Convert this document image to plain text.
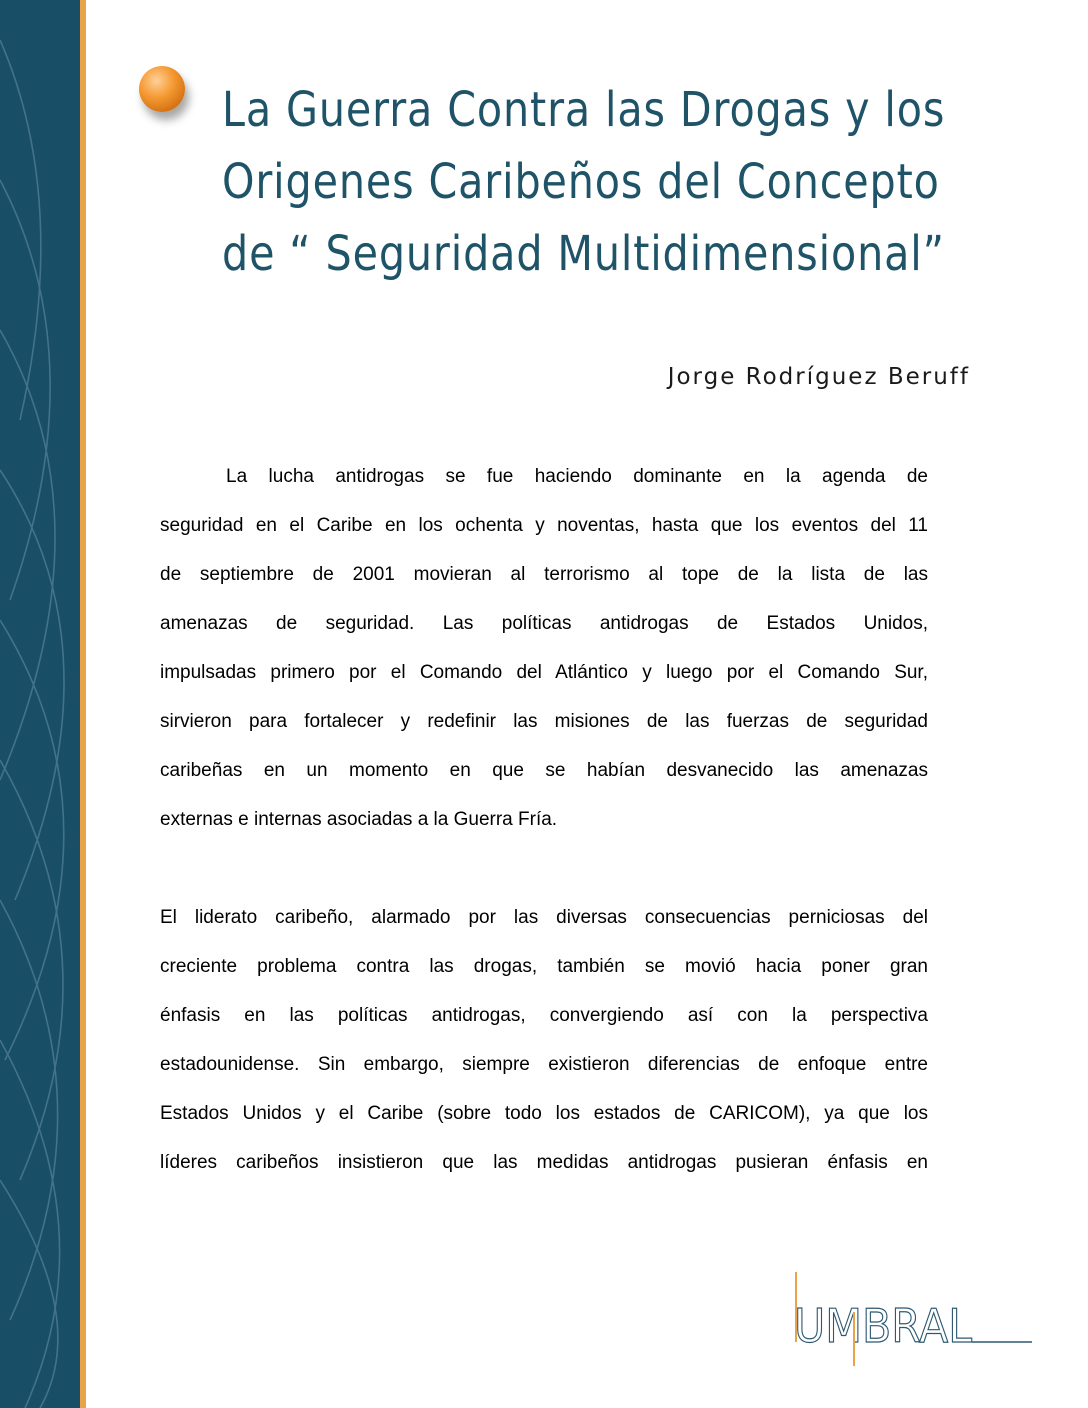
La Guerra Contra las Drogas y los
Origenes Caribeños del Concepto
de “ Seguridad Multidimensional”
Jorge Rodríguez Beruff

La lucha antidrogas se fue haciendo dominante en la agenda de
seguridad en el Caribe en los ochenta y noventas, hasta que los eventos del 11
de septiembre de 2001 movieran al terrorismo al tope de la lista de las
amenazas de seguridad. Las políticas antidrogas de Estados Unidos,
impulsadas primero por el Comando del Atlántico y luego por el Comando Sur,
sirvieron para fortalecer y redefinir las misiones de las fuerzas de seguridad
caribeñas en un momento en que se habían desvanecido las amenazas
externas e internas asociadas a la Guerra Fría.

El liderato caribeño, alarmado por las diversas consecuencias perniciosas del
creciente problema contra las drogas, también se movió hacia poner gran
énfasis en las políticas antidrogas, convergiendo así con la perspectiva
estadounidense. Sin embargo, siempre existieron diferencias de enfoque entre
Estados Unidos y el Caribe (sobre todo los estados de CARICOM), ya que los
líderes caribeños insistieron que las medidas antidrogas pusieran énfasis en

UMBRAL
